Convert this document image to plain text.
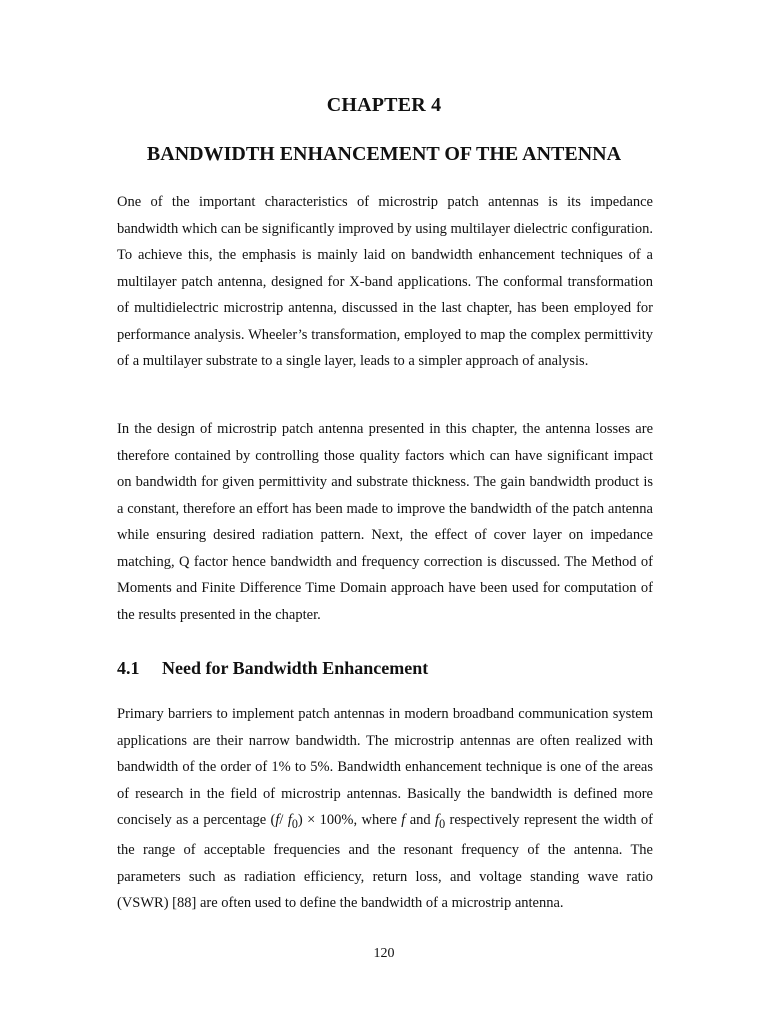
CHAPTER 4
BANDWIDTH ENHANCEMENT OF THE ANTENNA

One of the important characteristics of microstrip patch antennas is its impedance bandwidth which can be significantly improved by using multilayer dielectric configuration. To achieve this, the emphasis is mainly laid on bandwidth enhancement techniques of a multilayer patch antenna, designed for X-band applications. The conformal transformation of multidielectric microstrip antenna, discussed in the last chapter, has been employed for performance analysis. Wheeler’s transformation, employed to map the complex permittivity of a multilayer substrate to a single layer, leads to a simpler approach of analysis.

In the design of microstrip patch antenna presented in this chapter, the antenna losses are therefore contained by controlling those quality factors which can have significant impact on bandwidth for given permittivity and substrate thickness. The gain bandwidth product is a constant, therefore an effort has been made to improve the bandwidth of the patch antenna while ensuring desired radiation pattern. Next, the effect of cover layer on impedance matching, Q factor hence bandwidth and frequency correction is discussed. The Method of Moments and Finite Difference Time Domain approach have been used for computation of the results presented in the chapter.

4.1 Need for Bandwidth Enhancement

Primary barriers to implement patch antennas in modern broadband communication system applications are their narrow bandwidth. The microstrip antennas are often realized with bandwidth of the order of 1% to 5%. Bandwidth enhancement technique is one of the areas of research in the field of microstrip antennas. Basically the bandwidth is defined more concisely as a percentage (f/ $f_0) \times 100\%$, where f and $f_0$ respectively represent the width of the range of acceptable frequencies and the resonant frequency of the antenna. The parameters such as radiation efficiency, return loss, and voltage standing wave ratio (VSWR) [88] are often used to define the bandwidth of a microstrip antenna.

120
